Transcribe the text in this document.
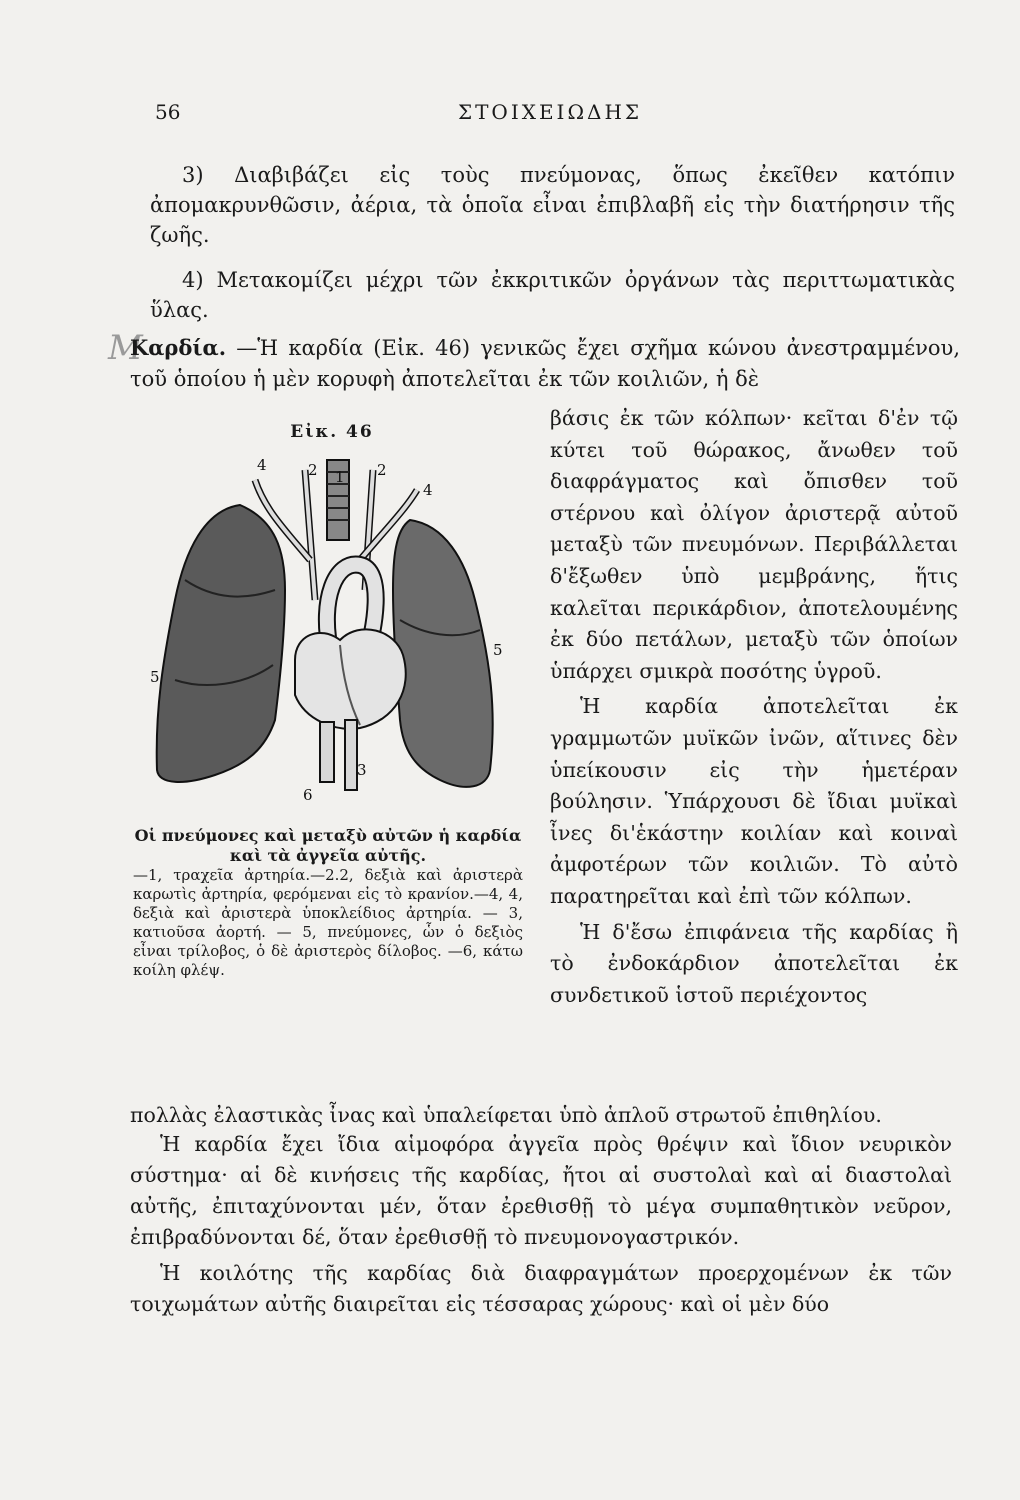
56	ΣΤΟΙΧΕΙΩΔΗΣ

3) Διαβιβάζει εἰς τοὺς πνεύμονας, ὅπως ἐκεῖθεν κατόπιν ἀπομακρυνθῶσιν, ἀέρια, τὰ ὁποῖα εἶναι ἐπιβλαβῆ εἰς τὴν διατήρησιν τῆς ζωῆς.

4) Μετακομίζει μέχρι τῶν ἐκκριτικῶν ὀργάνων τὰς περιττωματικὰς ὕλας.

M

Καρδία. —Ἡ καρδία (Εἰκ. 46) γενικῶς ἔχει σχῆμα κώνου ἀνεστραμμένου, τοῦ ὁποίου ἡ μὲν κορυφὴ ἀποτελεῖται ἐκ τῶν κοιλιῶν, ἡ δὲ

Εἰκ. 46
4	2 1 2
4
5
5
3
6

Οἱ πνεύμονες καὶ μεταξὺ αὐτῶν ἡ καρδία καὶ τὰ ἀγγεῖα αὐτῆς.
—1, τραχεῖα ἀρτηρία.—2.2, δεξιὰ καὶ ἀριστερὰ καρωτὶς ἀρτηρία, φερόμεναι εἰς τὸ κρανίον.—4, 4, δεξιὰ καὶ ἀριστερὰ ὑποκλείδιος ἀρτηρία. — 3, κατιοῦσα ἀορτή. — 5, πνεύμονες, ὧν ὁ δεξιὸς εἶναι τρίλοβος, ὁ δὲ ἀριστερὸς δίλοβος. —6, κάτω κοίλη φλέψ.

βάσις ἐκ τῶν κόλπων· κεῖται δ'ἐν τῷ κύτει τοῦ θώρακος, ἄνωθεν τοῦ διαφράγματος καὶ ὄπισθεν τοῦ στέρνου καὶ ὀλίγον ἀριστερᾷ αὐτοῦ μεταξὺ τῶν πνευμόνων. Περιβάλλεται δ'ἔξωθεν ὑπὸ μεμβράνης, ἥτις καλεῖται περικάρδιον, ἀποτελουμένης ἐκ δύο πετάλων, μεταξὺ τῶν ὁποίων ὑπάρχει σμικρὰ ποσότης ὑγροῦ.

Ἡ καρδία ἀποτελεῖται ἐκ γραμμωτῶν μυϊκῶν ἰνῶν, αἵτινες δὲν ὑπείκουσιν εἰς τὴν ἡμετέραν βούλησιν. Ὑπάρχουσι δὲ ἴδιαι μυϊκαὶ ἶνες δι'ἑκάστην κοιλίαν καὶ κοιναὶ ἀμφοτέρων τῶν κοιλιῶν. Τὸ αὐτὸ παρατηρεῖται καὶ ἐπὶ τῶν κόλπων.

Ἡ δ'ἔσω ἐπιφάνεια τῆς καρδίας ἢ τὸ ἐνδοκάρδιον ἀποτελεῖται ἐκ συνδετικοῦ ἱστοῦ περιέχοντος

πολλὰς ἐλαστικὰς ἶνας καὶ ὑπαλείφεται ὑπὸ ἁπλοῦ στρωτοῦ ἐπιθηλίου.

Ἡ καρδία ἔχει ἴδια αἱμοφόρα ἀγγεῖα πρὸς θρέψιν καὶ ἴδιον νευρικὸν σύστημα· αἱ δὲ κινήσεις τῆς καρδίας, ἤτοι αἱ συστολαὶ καὶ αἱ διαστολαὶ αὐτῆς, ἐπιταχύνονται μέν, ὅταν ἐρεθισθῇ τὸ μέγα συμπαθητικὸν νεῦρον, ἐπιβραδύνονται δέ, ὅταν ἐρεθισθῇ τὸ πνευμονογαστρικόν.

Ἡ κοιλότης τῆς καρδίας διὰ διαφραγμάτων προερχομένων ἐκ τῶν τοιχωμάτων αὐτῆς διαιρεῖται εἰς τέσσαρας χώρους· καὶ οἱ μὲν δύο
